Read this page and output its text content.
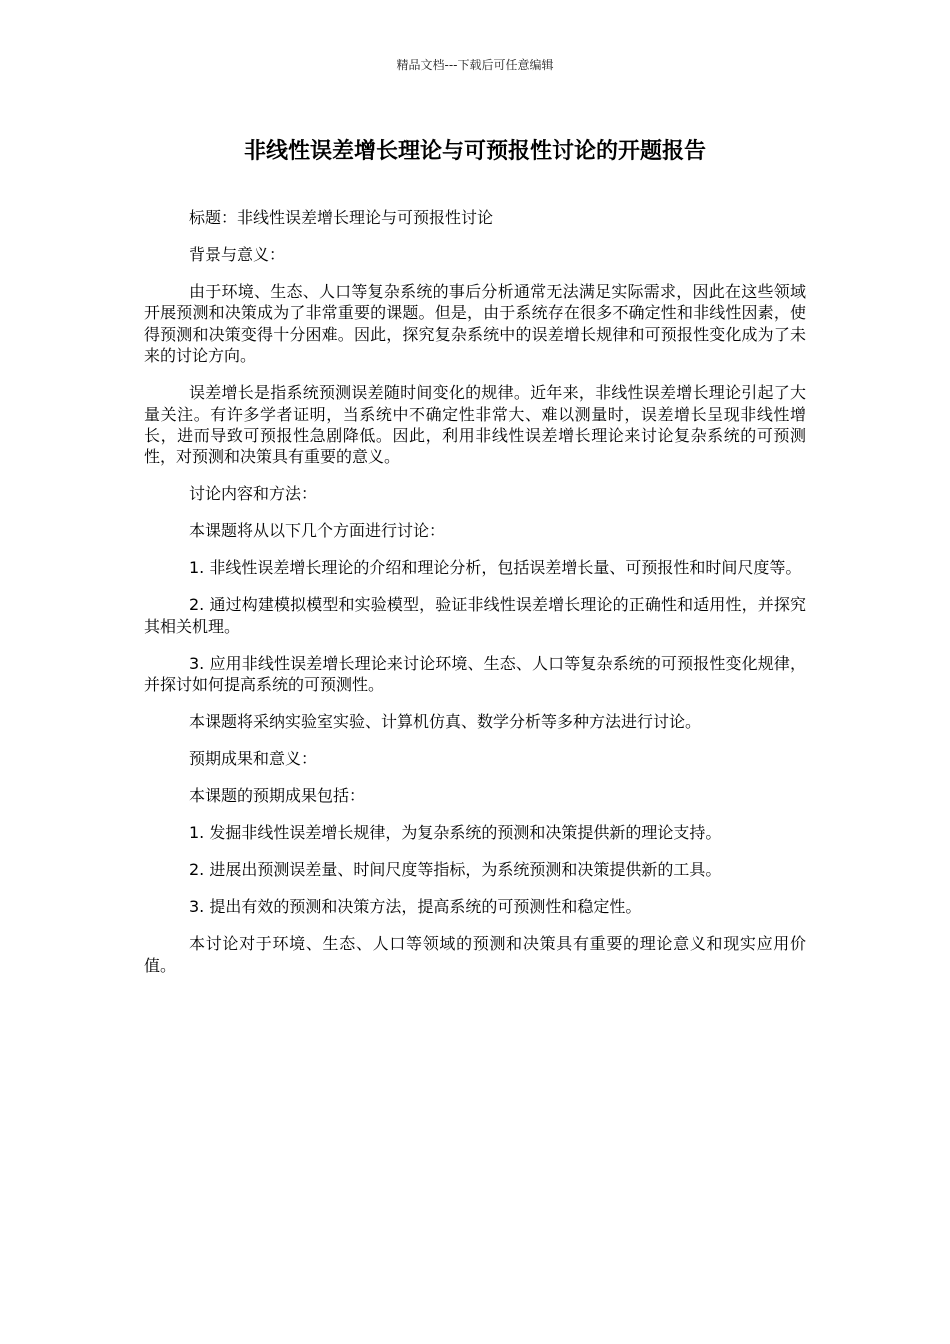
精品文档---下载后可任意编辑
非线性误差增长理论与可预报性讨论的开题报告

标题：非线性误差增长理论与可预报性讨论

背景与意义：

由于环境、生态、人口等复杂系统的事后分析通常无法满足实际需求，因此在这些领域开展预测和决策成为了非常重要的课题。但是，由于系统存在很多不确定性和非线性因素，使得预测和决策变得十分困难。因此，探究复杂系统中的误差增长规律和可预报性变化成为了未来的讨论方向。

误差增长是指系统预测误差随时间变化的规律。近年来，非线性误差增长理论引起了大量关注。有许多学者证明，当系统中不确定性非常大、难以测量时，误差增长呈现非线性增长，进而导致可预报性急剧降低。因此，利用非线性误差增长理论来讨论复杂系统的可预测性，对预测和决策具有重要的意义。

讨论内容和方法：

本课题将从以下几个方面进行讨论：

1. 非线性误差增长理论的介绍和理论分析，包括误差增长量、可预报性和时间尺度等。

2. 通过构建模拟模型和实验模型，验证非线性误差增长理论的正确性和适用性，并探究其相关机理。

3. 应用非线性误差增长理论来讨论环境、生态、人口等复杂系统的可预报性变化规律，并探讨如何提高系统的可预测性。

本课题将采纳实验室实验、计算机仿真、数学分析等多种方法进行讨论。

预期成果和意义：

本课题的预期成果包括：

1. 发掘非线性误差增长规律，为复杂系统的预测和决策提供新的理论支持。

2. 进展出预测误差量、时间尺度等指标，为系统预测和决策提供新的工具。

3. 提出有效的预测和决策方法，提高系统的可预测性和稳定性。

本讨论对于环境、生态、人口等领域的预测和决策具有重要的理论意义和现实应用价值。
